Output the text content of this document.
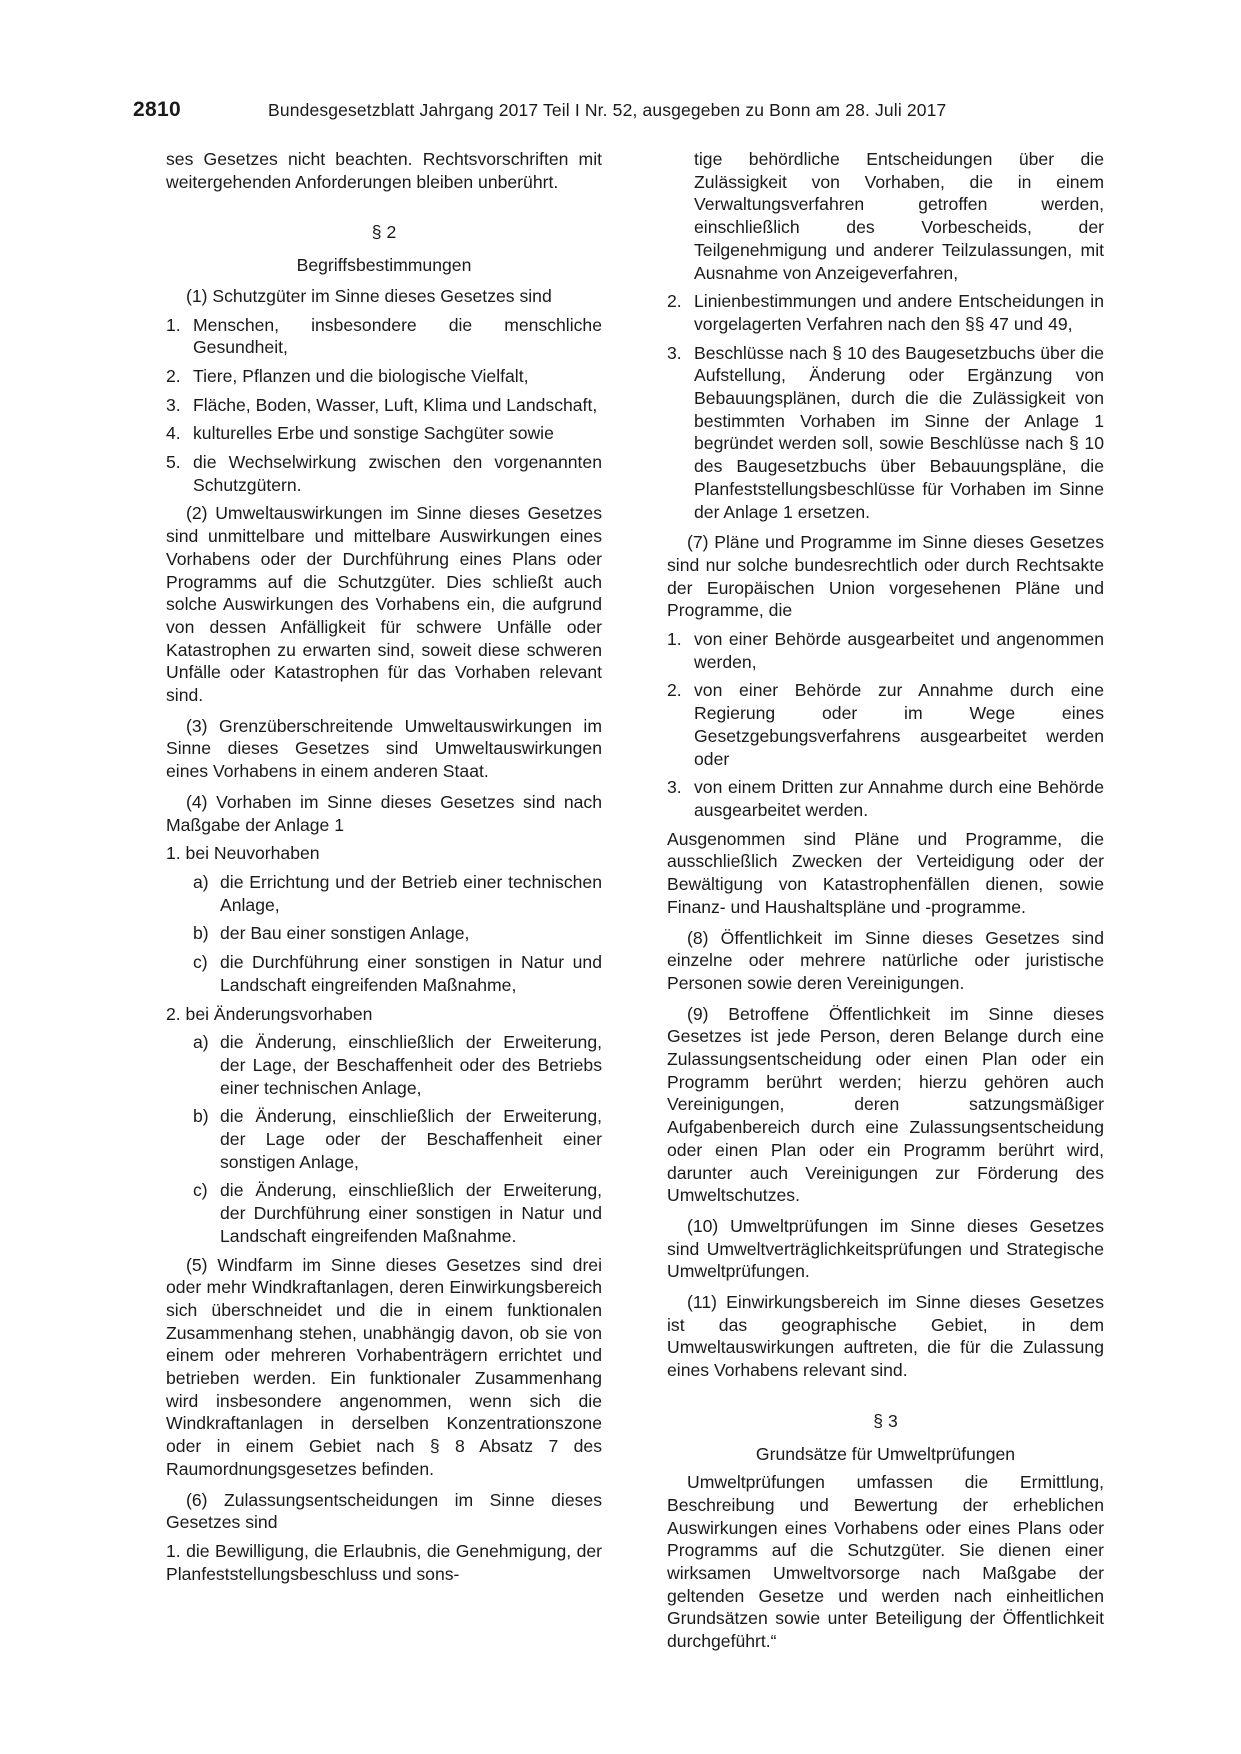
2810	Bundesgesetzblatt Jahrgang 2017 Teil I Nr. 52, ausgegeben zu Bonn am 28. Juli 2017

ses Gesetzes nicht beachten. Rechtsvorschriften mit weitergehenden Anforderungen bleiben unberührt.

§ 2

Begriffsbestimmungen

(1) Schutzgüter im Sinne dieses Gesetzes sind

1. Menschen, insbesondere die menschliche Gesundheit,
2. Tiere, Pflanzen und die biologische Vielfalt,
3. Fläche, Boden, Wasser, Luft, Klima und Landschaft,
4. kulturelles Erbe und sonstige Sachgüter sowie
5. die Wechselwirkung zwischen den vorgenannten Schutzgütern.

(2) Umweltauswirkungen im Sinne dieses Gesetzes sind unmittelbare und mittelbare Auswirkungen eines Vorhabens oder der Durchführung eines Plans oder Programms auf die Schutzgüter. Dies schließt auch solche Auswirkungen des Vorhabens ein, die aufgrund von dessen Anfälligkeit für schwere Unfälle oder Katastrophen zu erwarten sind, soweit diese schweren Unfälle oder Katastrophen für das Vorhaben relevant sind.

(3) Grenzüberschreitende Umweltauswirkungen im Sinne dieses Gesetzes sind Umweltauswirkungen eines Vorhabens in einem anderen Staat.

(4) Vorhaben im Sinne dieses Gesetzes sind nach Maßgabe der Anlage 1

1. bei Neuvorhaben

a) die Errichtung und der Betrieb einer technischen Anlage,
b) der Bau einer sonstigen Anlage,
c) die Durchführung einer sonstigen in Natur und Landschaft eingreifenden Maßnahme,

2. bei Änderungsvorhaben

a) die Änderung, einschließlich der Erweiterung, der Lage, der Beschaffenheit oder des Betriebs einer technischen Anlage,
b) die Änderung, einschließlich der Erweiterung, der Lage oder der Beschaffenheit einer sonstigen Anlage,
c) die Änderung, einschließlich der Erweiterung, der Durchführung einer sonstigen in Natur und Landschaft eingreifenden Maßnahme.

(5) Windfarm im Sinne dieses Gesetzes sind drei oder mehr Windkraftanlagen, deren Einwirkungsbereich sich überschneidet und die in einem funktionalen Zusammenhang stehen, unabhängig davon, ob sie von einem oder mehreren Vorhabenträgern errichtet und betrieben werden. Ein funktionaler Zusammenhang wird insbesondere angenommen, wenn sich die Windkraftanlagen in derselben Konzentrationszone oder in einem Gebiet nach § 8 Absatz 7 des Raumordnungsgesetzes befinden.

(6) Zulassungsentscheidungen im Sinne dieses Gesetzes sind

1. die Bewilligung, die Erlaubnis, die Genehmigung, der Planfeststellungsbeschluss und sons-

tige behördliche Entscheidungen über die Zulässigkeit von Vorhaben, die in einem Verwaltungsverfahren getroffen werden, einschließlich des Vorbescheids, der Teilgenehmigung und anderer Teilzulassungen, mit Ausnahme von Anzeigeverfahren,

2. Linienbestimmungen und andere Entscheidungen in vorgelagerten Verfahren nach den §§ 47 und 49,
3. Beschlüsse nach § 10 des Baugesetzbuchs über die Aufstellung, Änderung oder Ergänzung von Bebauungsplänen, durch die die Zulässigkeit von bestimmten Vorhaben im Sinne der Anlage 1 begründet werden soll, sowie Beschlüsse nach § 10 des Baugesetzbuchs über Bebauungspläne, die Planfeststellungsbeschlüsse für Vorhaben im Sinne der Anlage 1 ersetzen.

(7) Pläne und Programme im Sinne dieses Gesetzes sind nur solche bundesrechtlich oder durch Rechtsakte der Europäischen Union vorgesehenen Pläne und Programme, die

1. von einer Behörde ausgearbeitet und angenommen werden,
2. von einer Behörde zur Annahme durch eine Regierung oder im Wege eines Gesetzgebungsverfahrens ausgearbeitet werden oder
3. von einem Dritten zur Annahme durch eine Behörde ausgearbeitet werden.

Ausgenommen sind Pläne und Programme, die ausschließlich Zwecken der Verteidigung oder der Bewältigung von Katastrophenfällen dienen, sowie Finanz- und Haushaltspläne und -programme.

(8) Öffentlichkeit im Sinne dieses Gesetzes sind einzelne oder mehrere natürliche oder juristische Personen sowie deren Vereinigungen.

(9) Betroffene Öffentlichkeit im Sinne dieses Gesetzes ist jede Person, deren Belange durch eine Zulassungsentscheidung oder einen Plan oder ein Programm berührt werden; hierzu gehören auch Vereinigungen, deren satzungsmäßiger Aufgabenbereich durch eine Zulassungsentscheidung oder einen Plan oder ein Programm berührt wird, darunter auch Vereinigungen zur Förderung des Umweltschutzes.

(10) Umweltprüfungen im Sinne dieses Gesetzes sind Umweltverträglichkeitsprüfungen und Strategische Umweltprüfungen.

(11) Einwirkungsbereich im Sinne dieses Gesetzes ist das geographische Gebiet, in dem Umweltauswirkungen auftreten, die für die Zulassung eines Vorhabens relevant sind.

§ 3

Grundsätze für Umweltprüfungen

Umweltprüfungen umfassen die Ermittlung, Beschreibung und Bewertung der erheblichen Auswirkungen eines Vorhabens oder eines Plans oder Programms auf die Schutzgüter. Sie dienen einer wirksamen Umweltvorsorge nach Maßgabe der geltenden Gesetze und werden nach einheitlichen Grundsätzen sowie unter Beteiligung der Öffentlichkeit durchgeführt.“
